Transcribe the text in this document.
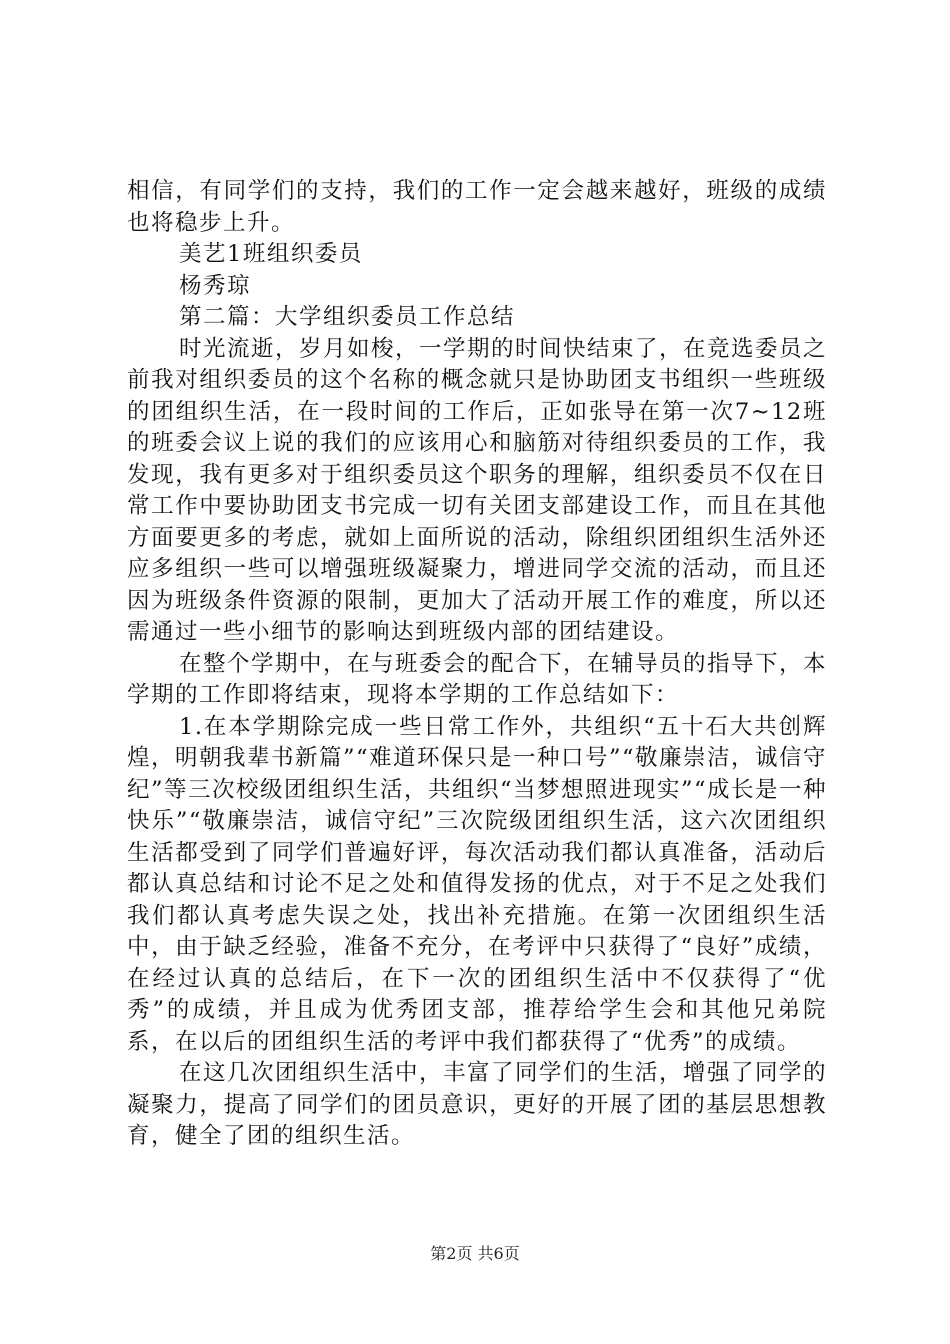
相信，有同学们的支持，我们的工作一定会越来越好，班级的成绩也将稳步上升。

美艺1班组织委员

杨秀琼

第二篇：大学组织委员工作总结

时光流逝，岁月如梭，一学期的时间快结束了，在竞选委员之前我对组织委员的这个名称的概念就只是协助团支书组织一些班级的团组织生活，在一段时间的工作后，正如张导在第一次7~12班的班委会议上说的我们的应该用心和脑筋对待组织委员的工作，我发现，我有更多对于组织委员这个职务的理解，组织委员不仅在日常工作中要协助团支书完成一切有关团支部建设工作，而且在其他方面要更多的考虑，就如上面所说的活动，除组织团组织生活外还应多组织一些可以增强班级凝聚力，增进同学交流的活动，而且还因为班级条件资源的限制，更加大了活动开展工作的难度，所以还需通过一些小细节的影响达到班级内部的团结建设。

在整个学期中，在与班委会的配合下，在辅导员的指导下，本学期的工作即将结束，现将本学期的工作总结如下：

1.在本学期除完成一些日常工作外，共组织“五十石大共创辉煌，明朝我辈书新篇”“难道环保只是一种口号”“敬廉崇洁，诚信守纪”等三次校级团组织生活，共组织“当梦想照进现实”“成长是一种快乐”“敬廉崇洁，诚信守纪”三次院级团组织生活，这六次团组织生活都受到了同学们普遍好评，每次活动我们都认真准备，活动后都认真总结和讨论不足之处和值得发扬的优点，对于不足之处我们我们都认真考虑失误之处，找出补充措施。在第一次团组织生活中，由于缺乏经验，准备不充分，在考评中只获得了“良好”成绩，在经过认真的总结后，在下一次的团组织生活中不仅获得了“优秀”的成绩，并且成为优秀团支部，推荐给学生会和其他兄弟院系，在以后的团组织生活的考评中我们都获得了“优秀”的成绩。

在这几次团组织生活中，丰富了同学们的生活，增强了同学的凝聚力，提高了同学们的团员意识，更好的开展了团的基层思想教育，健全了团的组织生活。

第2页 共6页
